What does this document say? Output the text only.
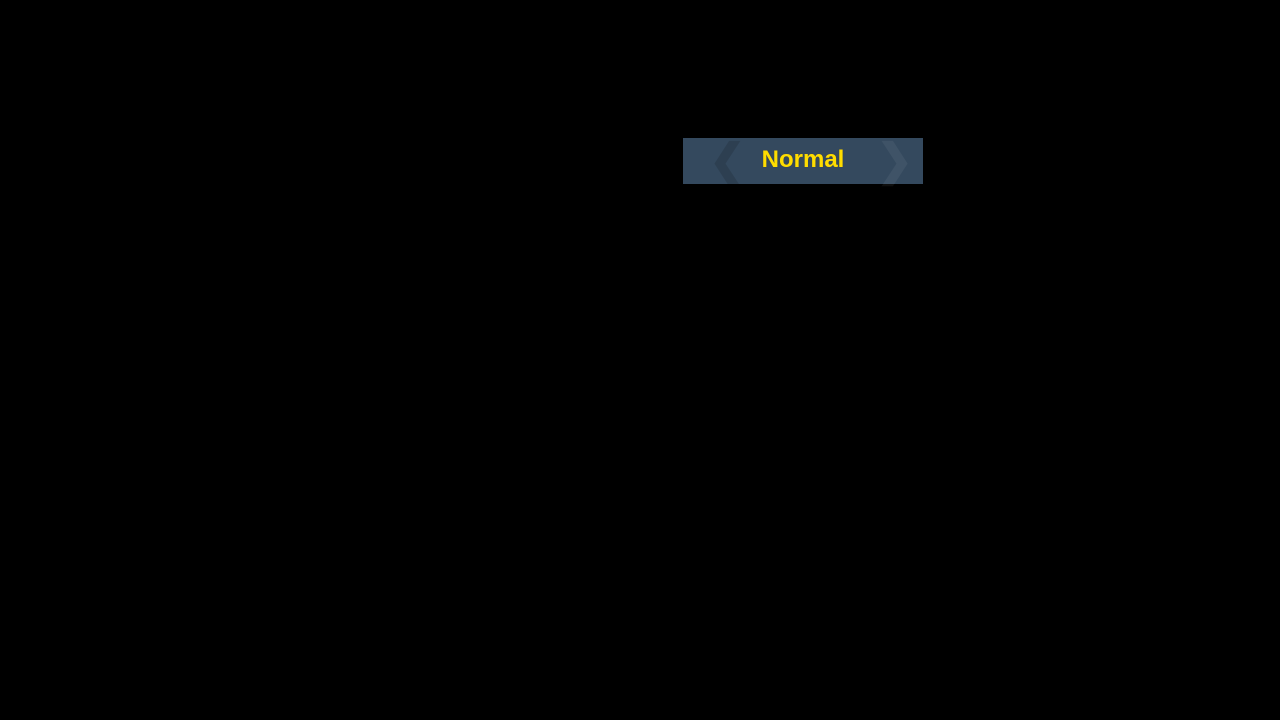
❮ Normal ❯
